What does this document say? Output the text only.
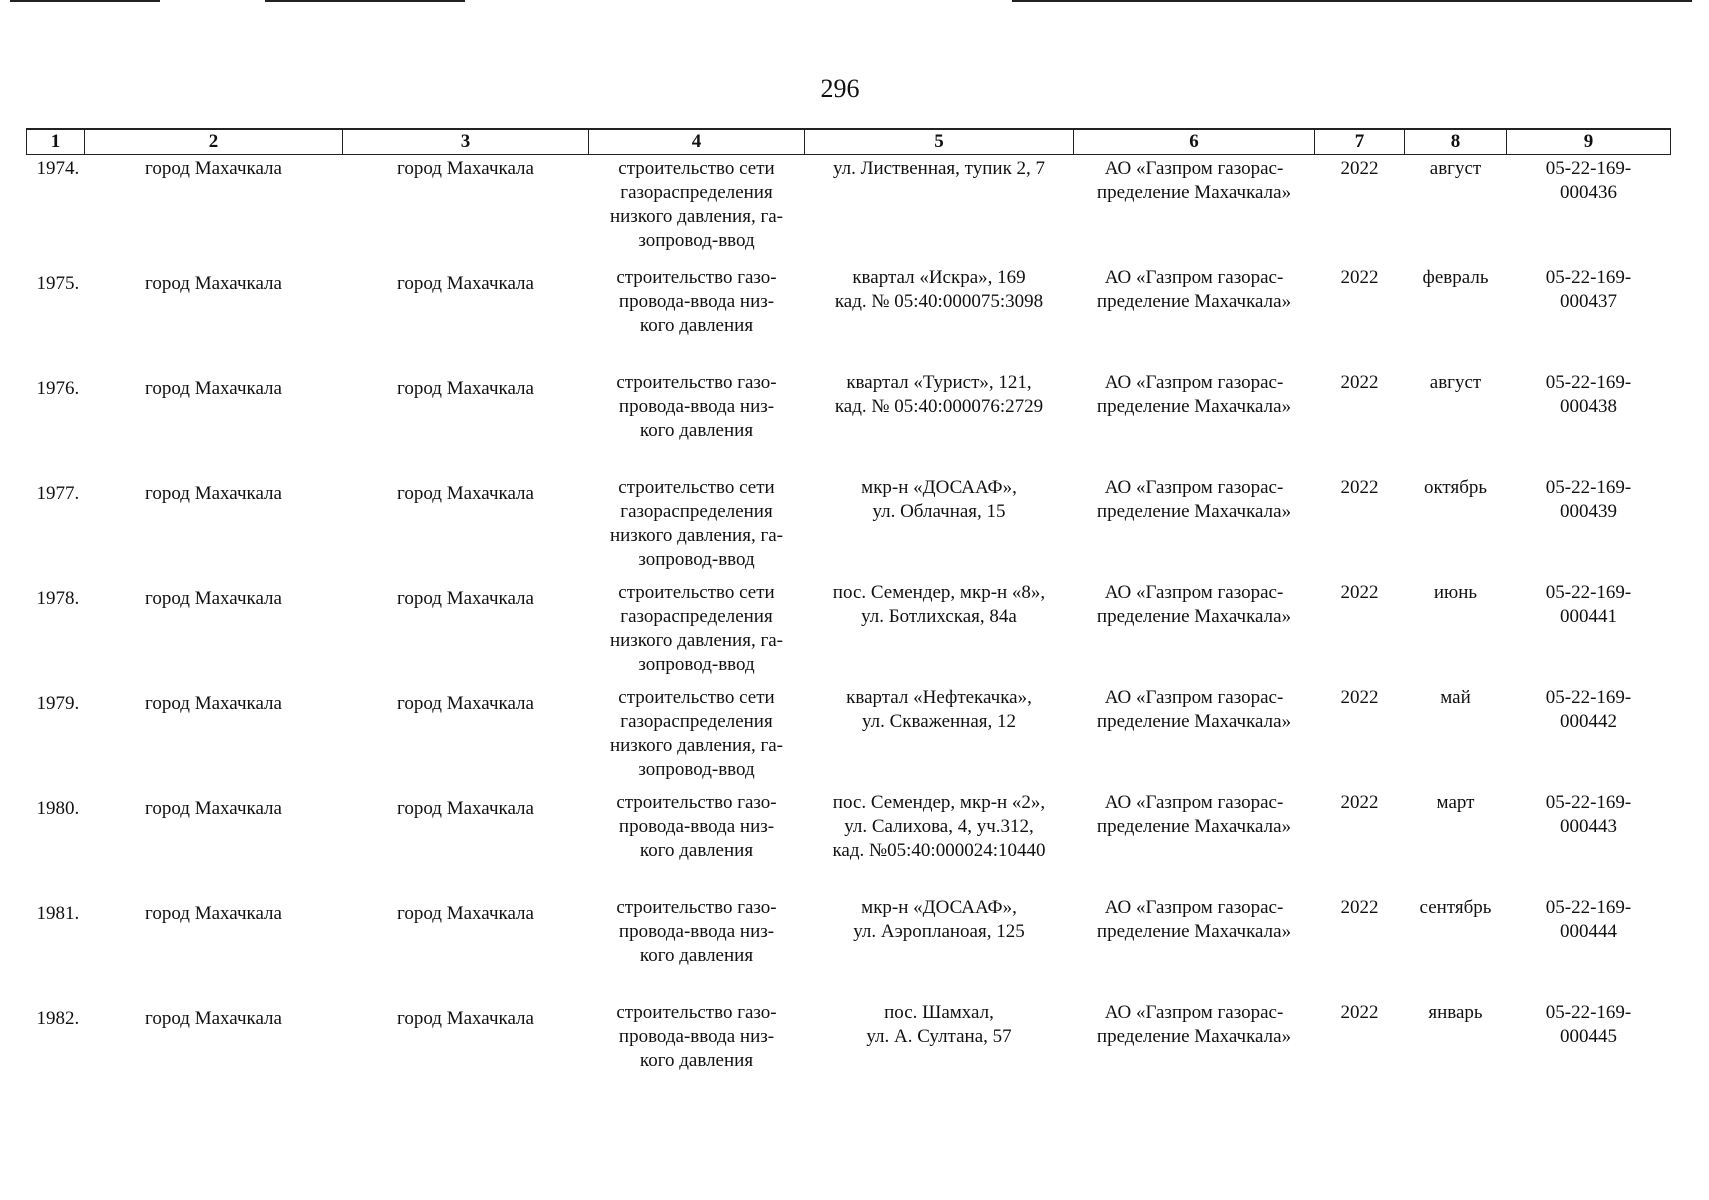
296
1	2	3	4	5	6	7	8	9

1974.	город Махачкала	город Махачкала	строительство сети
газораспределения
низкого давления, га-
зопровод-ввод	ул. Лиственная, тупик 2, 7	АО «Газпром газорас-
пределение Махачкала»	2022	август	05-22-169-
000436

1975.	город Махачкала	город Махачкала	строительство газо-
провода-ввода низ-
кого давления	квартал «Искра», 169
кад. № 05:40:000075:3098	АО «Газпром газорас-
пределение Махачкала»	2022	февраль	05-22-169-
000437

1976.	город Махачкала	город Махачкала	строительство газо-
провода-ввода низ-
кого давления	квартал «Турист», 121,
кад. № 05:40:000076:2729	АО «Газпром газорас-
пределение Махачкала»	2022	август	05-22-169-
000438

1977.	город Махачкала	город Махачкала	строительство сети
газораспределения
низкого давления, га-
зопровод-ввод	мкр-н «ДОСААФ»,
ул. Облачная, 15	АО «Газпром газорас-
пределение Махачкала»	2022	октябрь	05-22-169-
000439

1978.	город Махачкала	город Махачкала	строительство сети
газораспределения
низкого давления, га-
зопровод-ввод	пос. Семендер, мкр-н «8»,
ул. Ботлихская, 84а	АО «Газпром газорас-
пределение Махачкала»	2022	июнь	05-22-169-
000441

1979.	город Махачкала	город Махачкала	строительство сети
газораспределения
низкого давления, га-
зопровод-ввод	квартал «Нефтекачка»,
ул. Скваженная, 12	АО «Газпром газорас-
пределение Махачкала»	2022	май	05-22-169-
000442

1980.	город Махачкала	город Махачкала	строительство газо-
провода-ввода низ-
кого давления	пос. Семендер, мкр-н «2»,
ул. Салихова, 4, уч.312,
кад. №05:40:000024:10440	АО «Газпром газорас-
пределение Махачкала»	2022	март	05-22-169-
000443

1981.	город Махачкала	город Махачкала	строительство газо-
провода-ввода низ-
кого давления	мкр-н «ДОСААФ»,
ул. Аэропланоая, 125	АО «Газпром газорас-
пределение Махачкала»	2022	сентябрь	05-22-169-
000444

1982.	город Махачкала	город Махачкала	строительство газо-
провода-ввода низ-
кого давления	пос. Шамхал,
ул. А. Султана, 57	АО «Газпром газорас-
пределение Махачкала»	2022	январь	05-22-169-
000445
